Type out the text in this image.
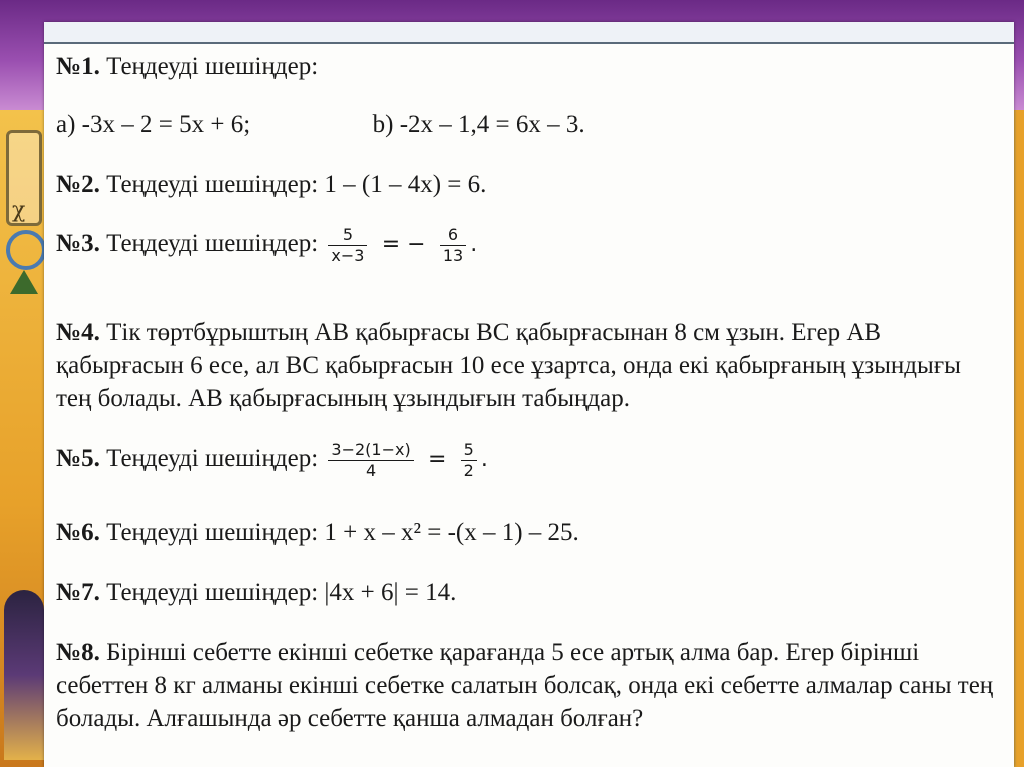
χ
№1. Теңдеуді шешіңдер:
a) -3x – 2 = 5x + 6;	b) -2x – 1,4 = 6x – 3.
№2. Теңдеуді шешіңдер: 1 – (1 – 4x) = 6.
№3. Теңдеуді шешіңдер: $\frac{5}{x-3}$ = − $\frac{6}{13}$ .
№4. Тік төртбұрыштың AB қабырғасы BC қабырғасынан 8 см ұзын. Егер AB қабырғасын 6 есе, ал BC қабырғасын 10 есе ұзартса, онда екі қабырғаның ұзындығы тең болады. AB қабырғасының ұзындығын табыңдар.
№5. Теңдеуді шешіңдер: $\frac{3-2(1-x)}{4} = \frac{5}{2}$ .
№6. Теңдеуді шешіңдер: 1 + x – x² = -(x – 1) – 25.
№7. Теңдеуді шешіңдер: |4x + 6| = 14.
№8. Бірінші себетте екінші себетке қарағанда 5 есе артық алма бар. Егер бірінші себеттен 8 кг алманы екінші себетке салатын болсақ, онда екі себетте алмалар саны тең болады. Алғашында әр себетте қанша алмадан болған?
